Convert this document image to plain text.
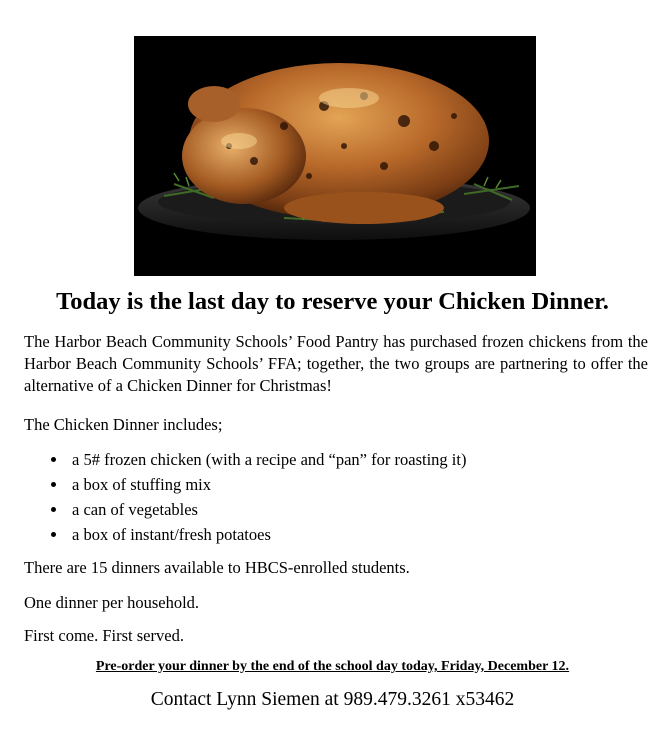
Today is the last day to reserve your Chicken Dinner.

The Harbor Beach Community Schools’ Food Pantry has purchased frozen chickens from the Harbor Beach Community Schools’ FFA; together, the two groups are partnering to offer the alternative of a Chicken Dinner for Christmas!

The Chicken Dinner includes;

a 5# frozen chicken (with a recipe and “pan” for roasting it)
a box of stuffing mix
a can of vegetables
a box of instant/fresh potatoes

There are 15 dinners available to HBCS-enrolled students.

One dinner per household.

First come. First served.

Pre-order your dinner by the end of the school day today, Friday, December 12.

Contact Lynn Siemen at 989.479.3261 x53462
